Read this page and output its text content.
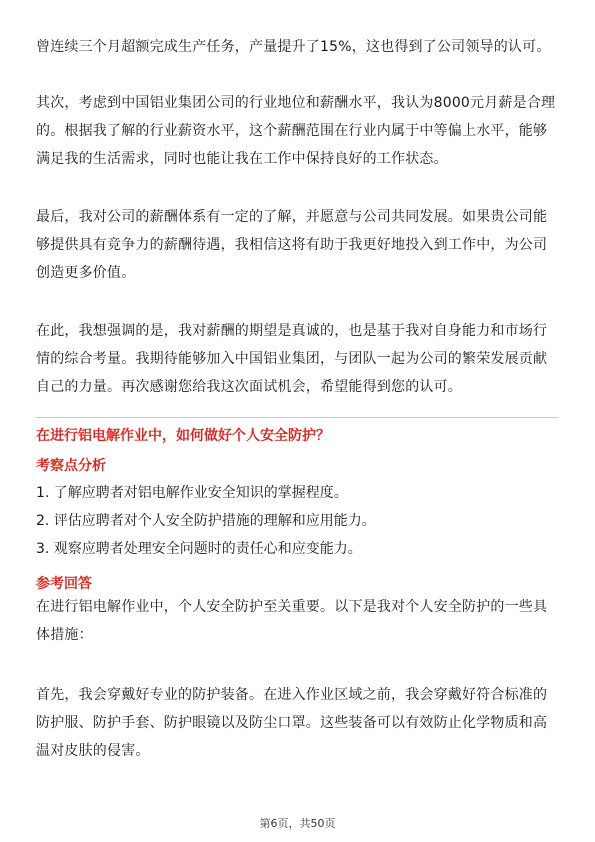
曾连续三个月超额完成生产任务，产量提升了15%，这也得到了公司领导的认可。

其次，考虑到中国铝业集团公司的行业地位和薪酬水平，我认为8000元月薪是合理
的。根据我了解的行业薪资水平，这个薪酬范围在行业内属于中等偏上水平，能够
满足我的生活需求，同时也能让我在工作中保持良好的工作状态。

最后，我对公司的薪酬体系有一定的了解，并愿意与公司共同发展。如果贵公司能
够提供具有竞争力的薪酬待遇，我相信这将有助于我更好地投入到工作中，为公司
创造更多价值。

在此，我想强调的是，我对薪酬的期望是真诚的，也是基于我对自身能力和市场行
情的综合考量。我期待能够加入中国铝业集团，与团队一起为公司的繁荣发展贡献
自己的力量。再次感谢您给我这次面试机会，希望能得到您的认可。

在进行铝电解作业中，如何做好个人安全防护？

考察点分析

1. 了解应聘者对铝电解作业安全知识的掌握程度。

2. 评估应聘者对个人安全防护措施的理解和应用能力。

3. 观察应聘者处理安全问题时的责任心和应变能力。

参考回答

在进行铝电解作业中，个人安全防护至关重要。以下是我对个人安全防护的一些具
体措施：

首先，我会穿戴好专业的防护装备。在进入作业区域之前，我会穿戴好符合标准的
防护服、防护手套、防护眼镜以及防尘口罩。这些装备可以有效防止化学物质和高
温对皮肤的侵害。

第6页，共50页
